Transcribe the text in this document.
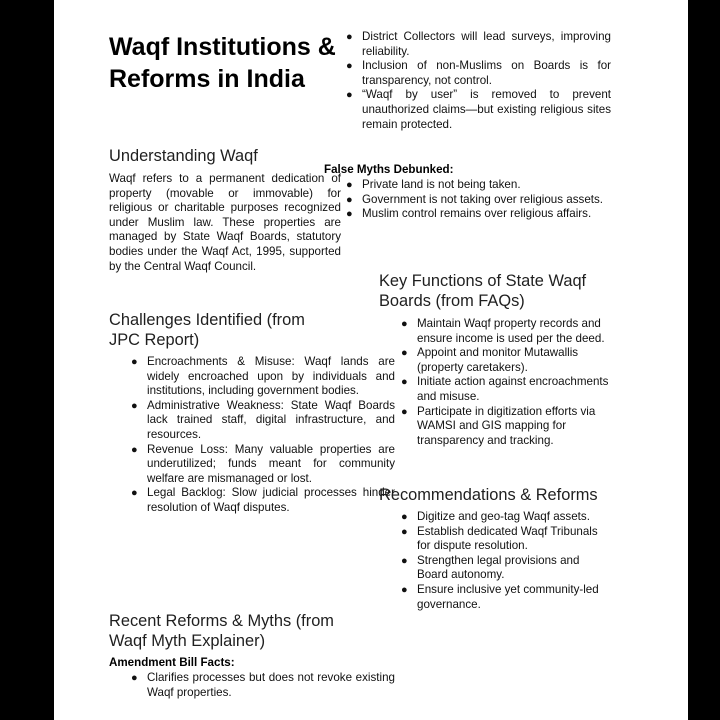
Waqf Institutions & Reforms in India
Understanding Waqf

Waqf refers to a permanent dedication of property (movable or immovable) for religious or charitable purposes recognized under Muslim law. These properties are managed by State Waqf Boards, statutory bodies under the Waqf Act, 1995, supported by the Central Waqf Council.

Challenges Identified (from JPC Report)
● Encroachments & Misuse: Waqf lands are widely encroached upon by individuals and institutions, including government bodies.
● Administrative Weakness: State Waqf Boards lack trained staff, digital infrastructure, and resources.
● Revenue Loss: Many valuable properties are underutilized; funds meant for community welfare are mismanaged or lost.
● Legal Backlog: Slow judicial processes hinder resolution of Waqf disputes.
Recent Reforms & Myths (from Waqf Myth Explainer)
Amendment Bill Facts:
● Clarifies processes but does not revoke existing Waqf properties.
● District Collectors will lead surveys, improving reliability.
● Inclusion of non-Muslims on Boards is for transparency, not control.
● “Waqf by user” is removed to prevent unauthorized claims—but existing religious sites remain protected.
False Myths Debunked:
● Private land is not being taken.
● Government is not taking over religious assets.
● Muslim control remains over religious affairs.
Key Functions of State Waqf Boards (from FAQs)
● Maintain Waqf property records and ensure income is used per the deed.
● Appoint and monitor Mutawallis (property caretakers).
● Initiate action against encroachments and misuse.
● Participate in digitization efforts via WAMSI and GIS mapping for transparency and tracking.
Recommendations & Reforms
● Digitize and geo-tag Waqf assets.
● Establish dedicated Waqf Tribunals for dispute resolution.
● Strengthen legal provisions and Board autonomy.
● Ensure inclusive yet community-led governance.
